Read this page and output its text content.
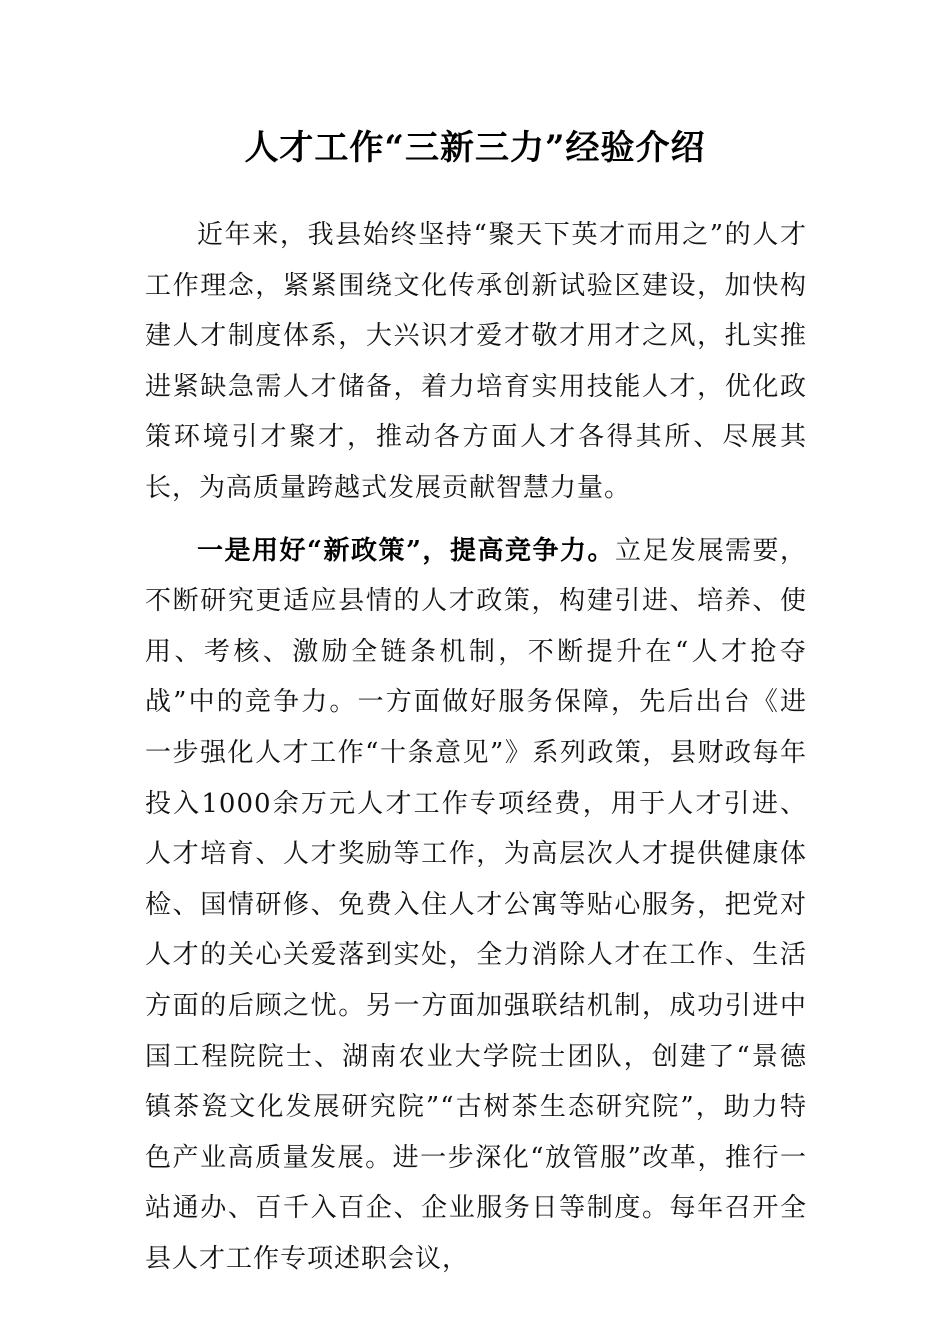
人才工作“三新三力”经验介绍

近年来，我县始终坚持“聚天下英才而用之”的人才工作理念，紧紧围绕文化传承创新试验区建设，加快构建人才制度体系，大兴识才爱才敬才用才之风，扎实推进紧缺急需人才储备，着力培育实用技能人才，优化政策环境引才聚才，推动各方面人才各得其所、尽展其长，为高质量跨越式发展贡献智慧力量。

一是用好“新政策”，提高竞争力。立足发展需要，不断研究更适应县情的人才政策，构建引进、培养、使用、考核、激励全链条机制，不断提升在“人才抢夺战”中的竞争力。一方面做好服务保障，先后出台《进一步强化人才工作“十条意见”》系列政策，县财政每年投入1000余万元人才工作专项经费，用于人才引进、人才培育、人才奖励等工作，为高层次人才提供健康体检、国情研修、免费入住人才公寓等贴心服务，把党对人才的关心关爱落到实处，全力消除人才在工作、生活方面的后顾之忧。另一方面加强联结机制，成功引进中国工程院院士、湖南农业大学院士团队，创建了“景德镇茶瓷文化发展研究院”“古树茶生态研究院”，助力特色产业高质量发展。进一步深化“放管服”改革，推行一站通办、百千入百企、企业服务日等制度。每年召开全县人才工作专项述职会议，
